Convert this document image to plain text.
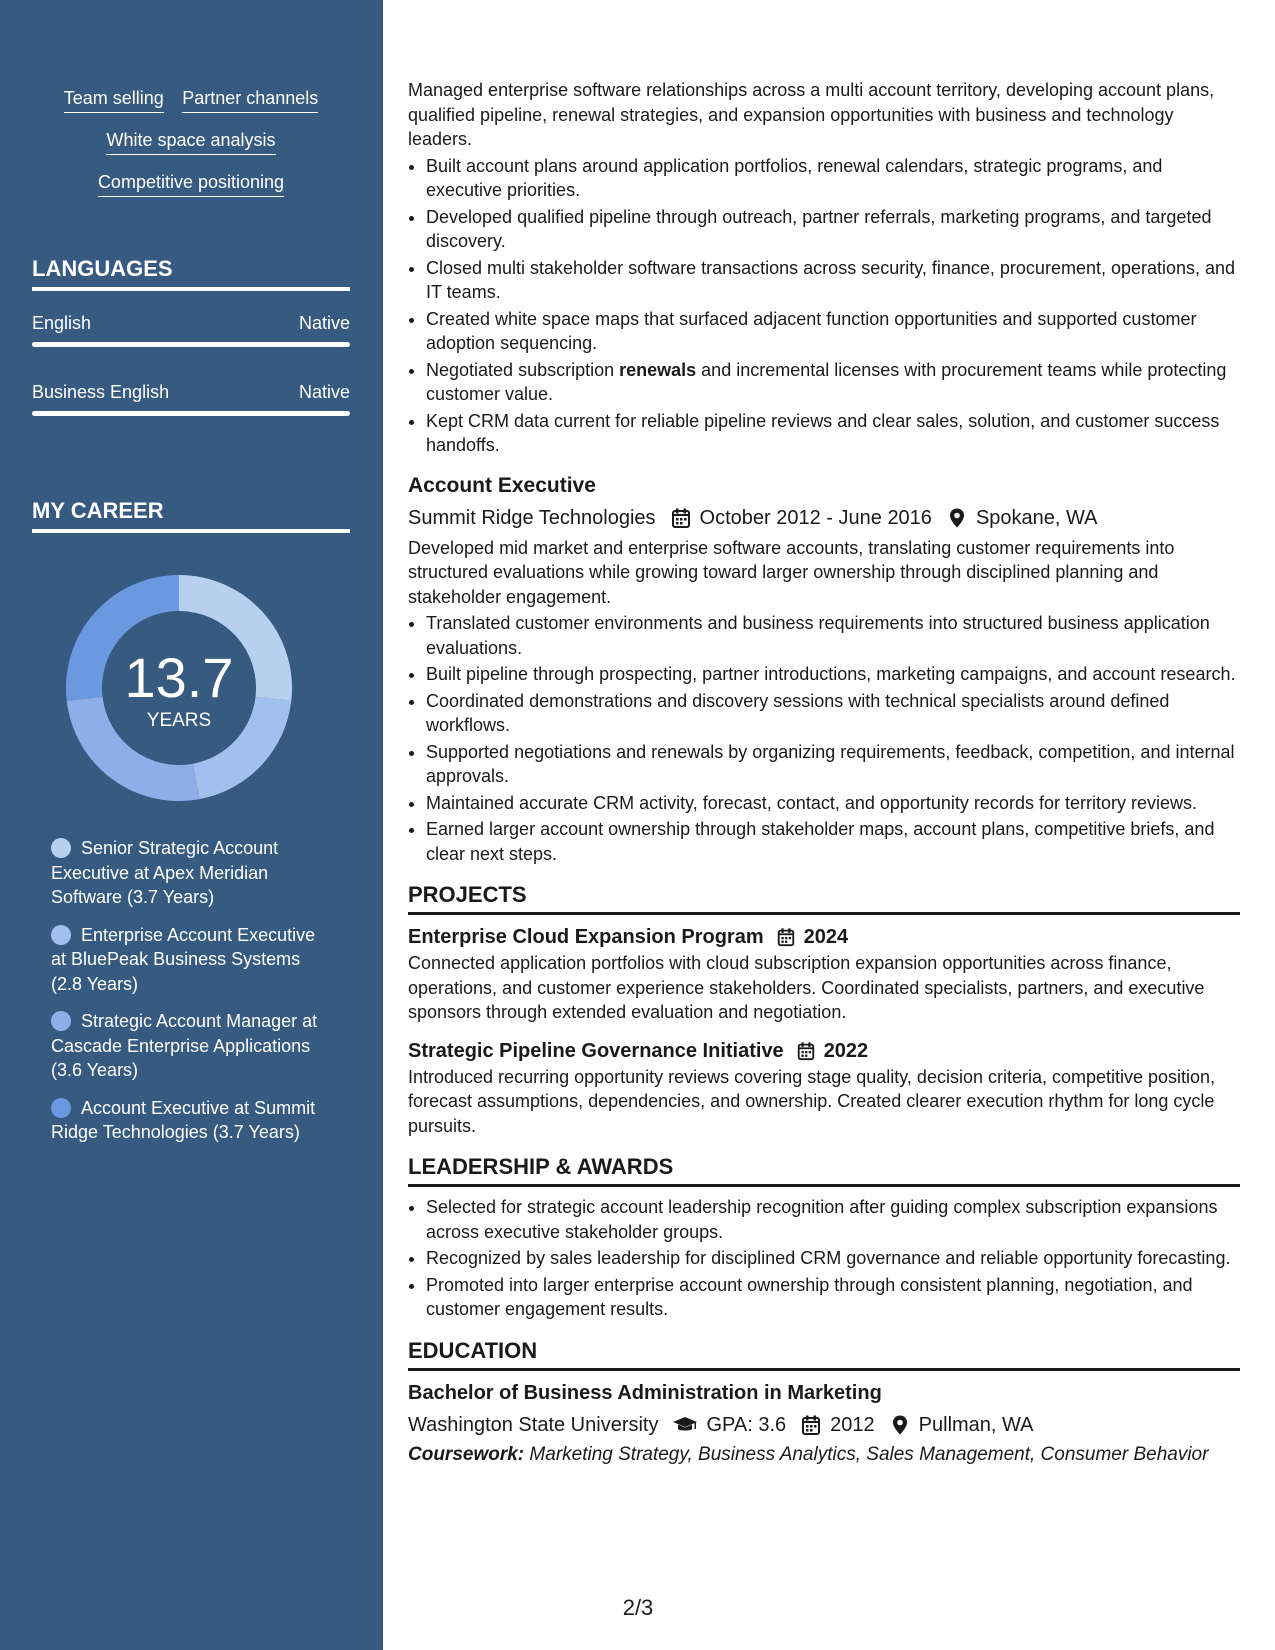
Team selling Partner channels
White space analysis
Competitive positioning
LANGUAGES
English	Native
Business English	Native
MY CAREER
13.7
YEARS
Senior Strategic Account Executive at Apex Meridian Software (3.7 Years)
Enterprise Account Executive at BluePeak Business Systems (2.8 Years)
Strategic Account Manager at Cascade Enterprise Applications (3.6 Years)
Account Executive at Summit Ridge Technologies (3.7 Years)
Managed enterprise software relationships across a multi account territory, developing account plans, qualified pipeline, renewal strategies, and expansion opportunities with business and technology leaders.
• Built account plans around application portfolios, renewal calendars, strategic programs, and executive priorities.
• Developed qualified pipeline through outreach, partner referrals, marketing programs, and targeted discovery.
• Closed multi stakeholder software transactions across security, finance, procurement, operations, and IT teams.
• Created white space maps that surfaced adjacent function opportunities and supported customer adoption sequencing.
• Negotiated subscription renewals and incremental licenses with procurement teams while protecting customer value.
• Kept CRM data current for reliable pipeline reviews and clear sales, solution, and customer success handoffs.
Account Executive
Summit Ridge Technologies October 2012 - June 2016 Spokane, WA
Developed mid market and enterprise software accounts, translating customer requirements into structured evaluations while growing toward larger ownership through disciplined planning and stakeholder engagement.
• Translated customer environments and business requirements into structured business application evaluations.
• Built pipeline through prospecting, partner introductions, marketing campaigns, and account research.
• Coordinated demonstrations and discovery sessions with technical specialists around defined workflows.
• Supported negotiations and renewals by organizing requirements, feedback, competition, and internal approvals.
• Maintained accurate CRM activity, forecast, contact, and opportunity records for territory reviews.
• Earned larger account ownership through stakeholder maps, account plans, competitive briefs, and clear next steps.
PROJECTS
Enterprise Cloud Expansion Program 2024
Connected application portfolios with cloud subscription expansion opportunities across finance, operations, and customer experience stakeholders. Coordinated specialists, partners, and executive sponsors through extended evaluation and negotiation.
Strategic Pipeline Governance Initiative 2022
Introduced recurring opportunity reviews covering stage quality, decision criteria, competitive position, forecast assumptions, dependencies, and ownership. Created clearer execution rhythm for long cycle pursuits.
LEADERSHIP & AWARDS
• Selected for strategic account leadership recognition after guiding complex subscription expansions across executive stakeholder groups.
• Recognized by sales leadership for disciplined CRM governance and reliable opportunity forecasting.
• Promoted into larger enterprise account ownership through consistent planning, negotiation, and customer engagement results.
EDUCATION
Bachelor of Business Administration in Marketing
Washington State University GPA: 3.6 2012 Pullman, WA
Coursework: Marketing Strategy, Business Analytics, Sales Management, Consumer Behavior
2/3
